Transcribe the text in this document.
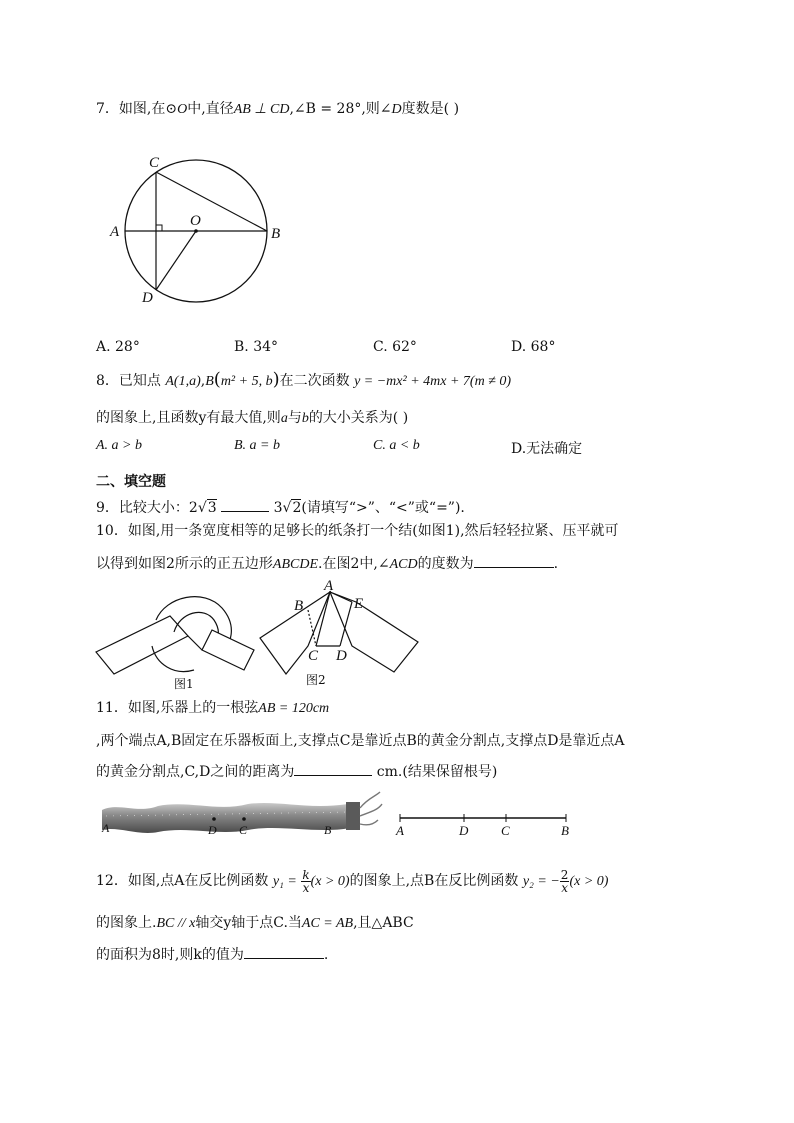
7．如图,在⊙O中,直径AB ⊥ CD,∠B = 28°,则∠D度数是( )
C
A	B
O
D
A. 28°	B. 34°	C. 62°	D. 68°
8．已知点 A(1,a),B(m² + 5, b)在二次函数 y = −mx² + 4mx + 7(m ≠ 0)
的图象上,且函数y有最大值,则a与b的大小关系为( )
A. a > b	B. a = b	C. a < b	D.无法确定
二、填空题
9．比较大小：2√3	3√2(请填写“>”、“<”或“=”).
10．如图,用一条宽度相等的足够长的纸条打一个结(如图1),然后轻轻拉紧、压平就可
以得到如图2所示的正五边形ABCDE.在图2中,∠ACD的度数为	.
图1
A
B
C D
E
图2
11．如图,乐器上的一根弦AB = 120cm
,两个端点A,B固定在乐器板面上,支撑点C是靠近点B的黄金分割点,支撑点D是靠近点A
的黄金分割点,C,D之间的距离为	cm.(结果保留根号)
A	D C	B	A	D	C	B
12．如图,点A在反比例函数 $y_1 = \frac{k}{x} (x > 0)$的图象上,点B在反比例函数 y₂ = − $\frac{2}{x} (x > 0)$
的图象上.BC // x轴交y轴于点C.当AC = AB,且△ABC
的面积为8时,则k的值为	.
